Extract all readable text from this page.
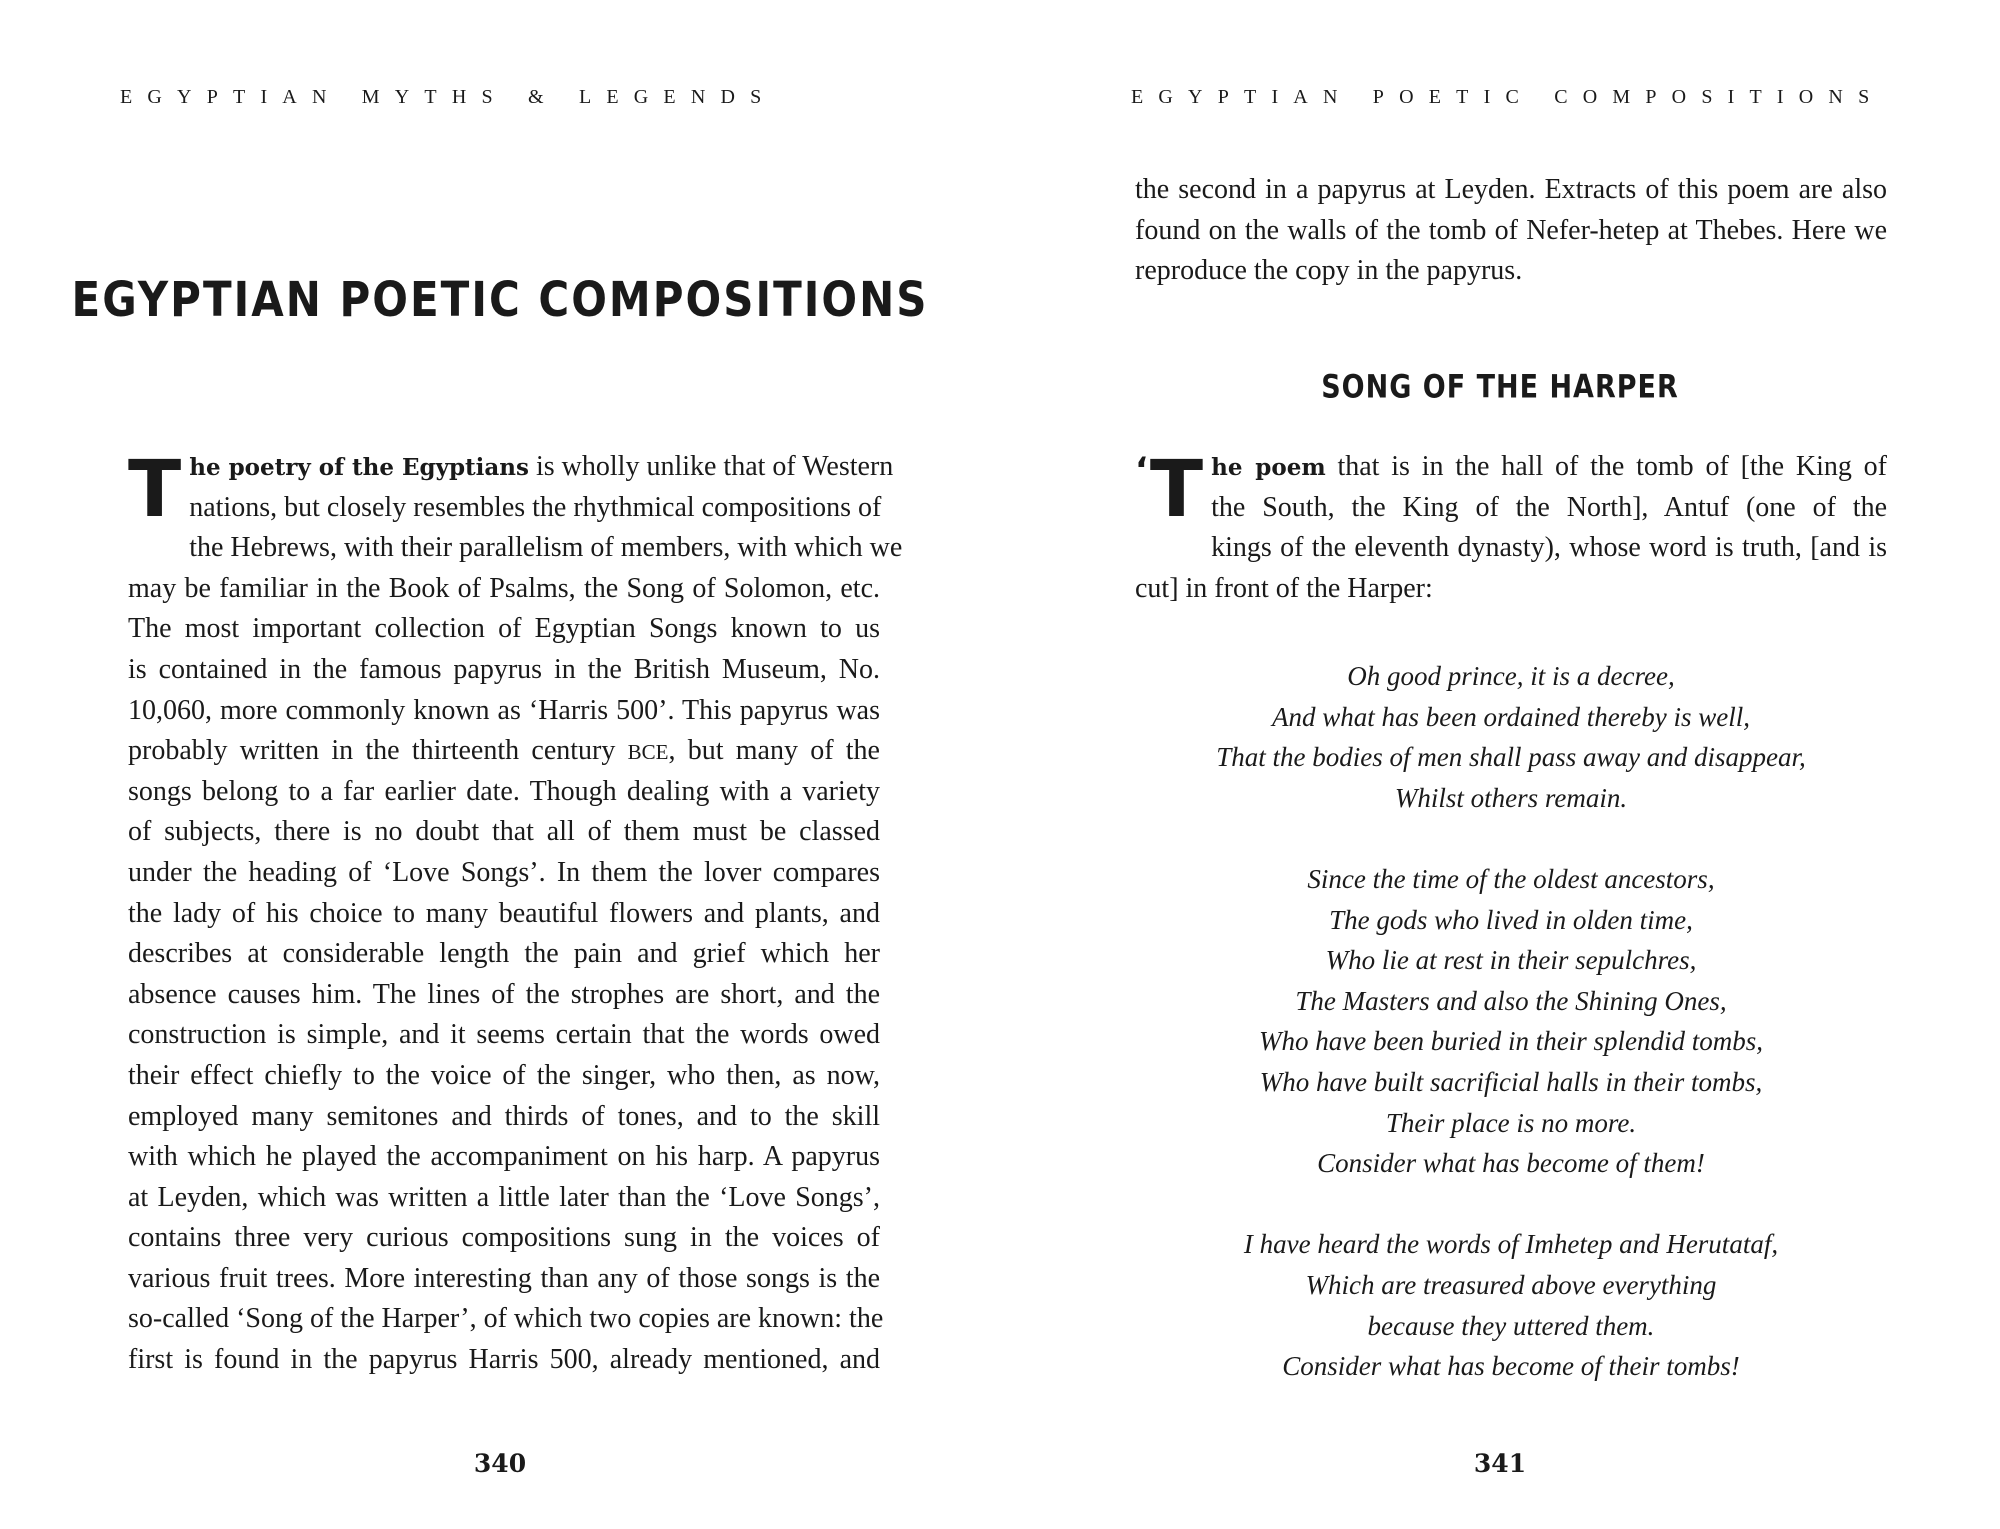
EGYPTIAN MYTHS & LEGENDS
EGYPTIAN POETIC COMPOSITIONS
T he poetry of the Egyptians is wholly unlike that of Western
nations, but closely resembles the rhythmical compositions of
the Hebrews, with their parallelism of members, with which we
may be familiar in the Book of Psalms, the Song of Solomon, etc.
The most important collection of Egyptian Songs known to us
is contained in the famous papyrus in the British Museum, No.
10,060, more commonly known as ‘Harris 500’. This papyrus was
probably written in the thirteenth century BCE, but many of the
songs belong to a far earlier date. Though dealing with a variety
of subjects, there is no doubt that all of them must be classed
under the heading of ‘Love Songs’. In them the lover compares
the lady of his choice to many beautiful flowers and plants, and
describes at considerable length the pain and grief which her
absence causes him. The lines of the strophes are short, and the
construction is simple, and it seems certain that the words owed
their effect chiefly to the voice of the singer, who then, as now,
employed many semitones and thirds of tones, and to the skill
with which he played the accompaniment on his harp. A papyrus
at Leyden, which was written a little later than the ‘Love Songs’,
contains three very curious compositions sung in the voices of
various fruit trees. More interesting than any of those songs is the
so-called ‘Song of the Harper’, of which two copies are known: the
first is found in the papyrus Harris 500, already mentioned, and
340
EGYPTIAN POETIC COMPOSITIONS
the second in a papyrus at Leyden. Extracts of this poem are also
found on the walls of the tomb of Nefer-hetep at Thebes. Here we
reproduce the copy in the papyrus.
SONG OF THE HARPER
‘ T he poem that is in the hall of the tomb of [the King of
the South, the King of the North], Antuf (one of the
kings of the eleventh dynasty), whose word is truth, [and is
cut] in front of the Harper:
Oh good prince, it is a decree,
And what has been ordained thereby is well,
That the bodies of men shall pass away and disappear,
Whilst others remain.
Since the time of the oldest ancestors,
The gods who lived in olden time,
Who lie at rest in their sepulchres,
The Masters and also the Shining Ones,
Who have been buried in their splendid tombs,
Who have built sacrificial halls in their tombs,
Their place is no more.
Consider what has become of them!
I have heard the words of Imhetep and Herutataf,
Which are treasured above everything
because they uttered them.
Consider what has become of their tombs!
341
